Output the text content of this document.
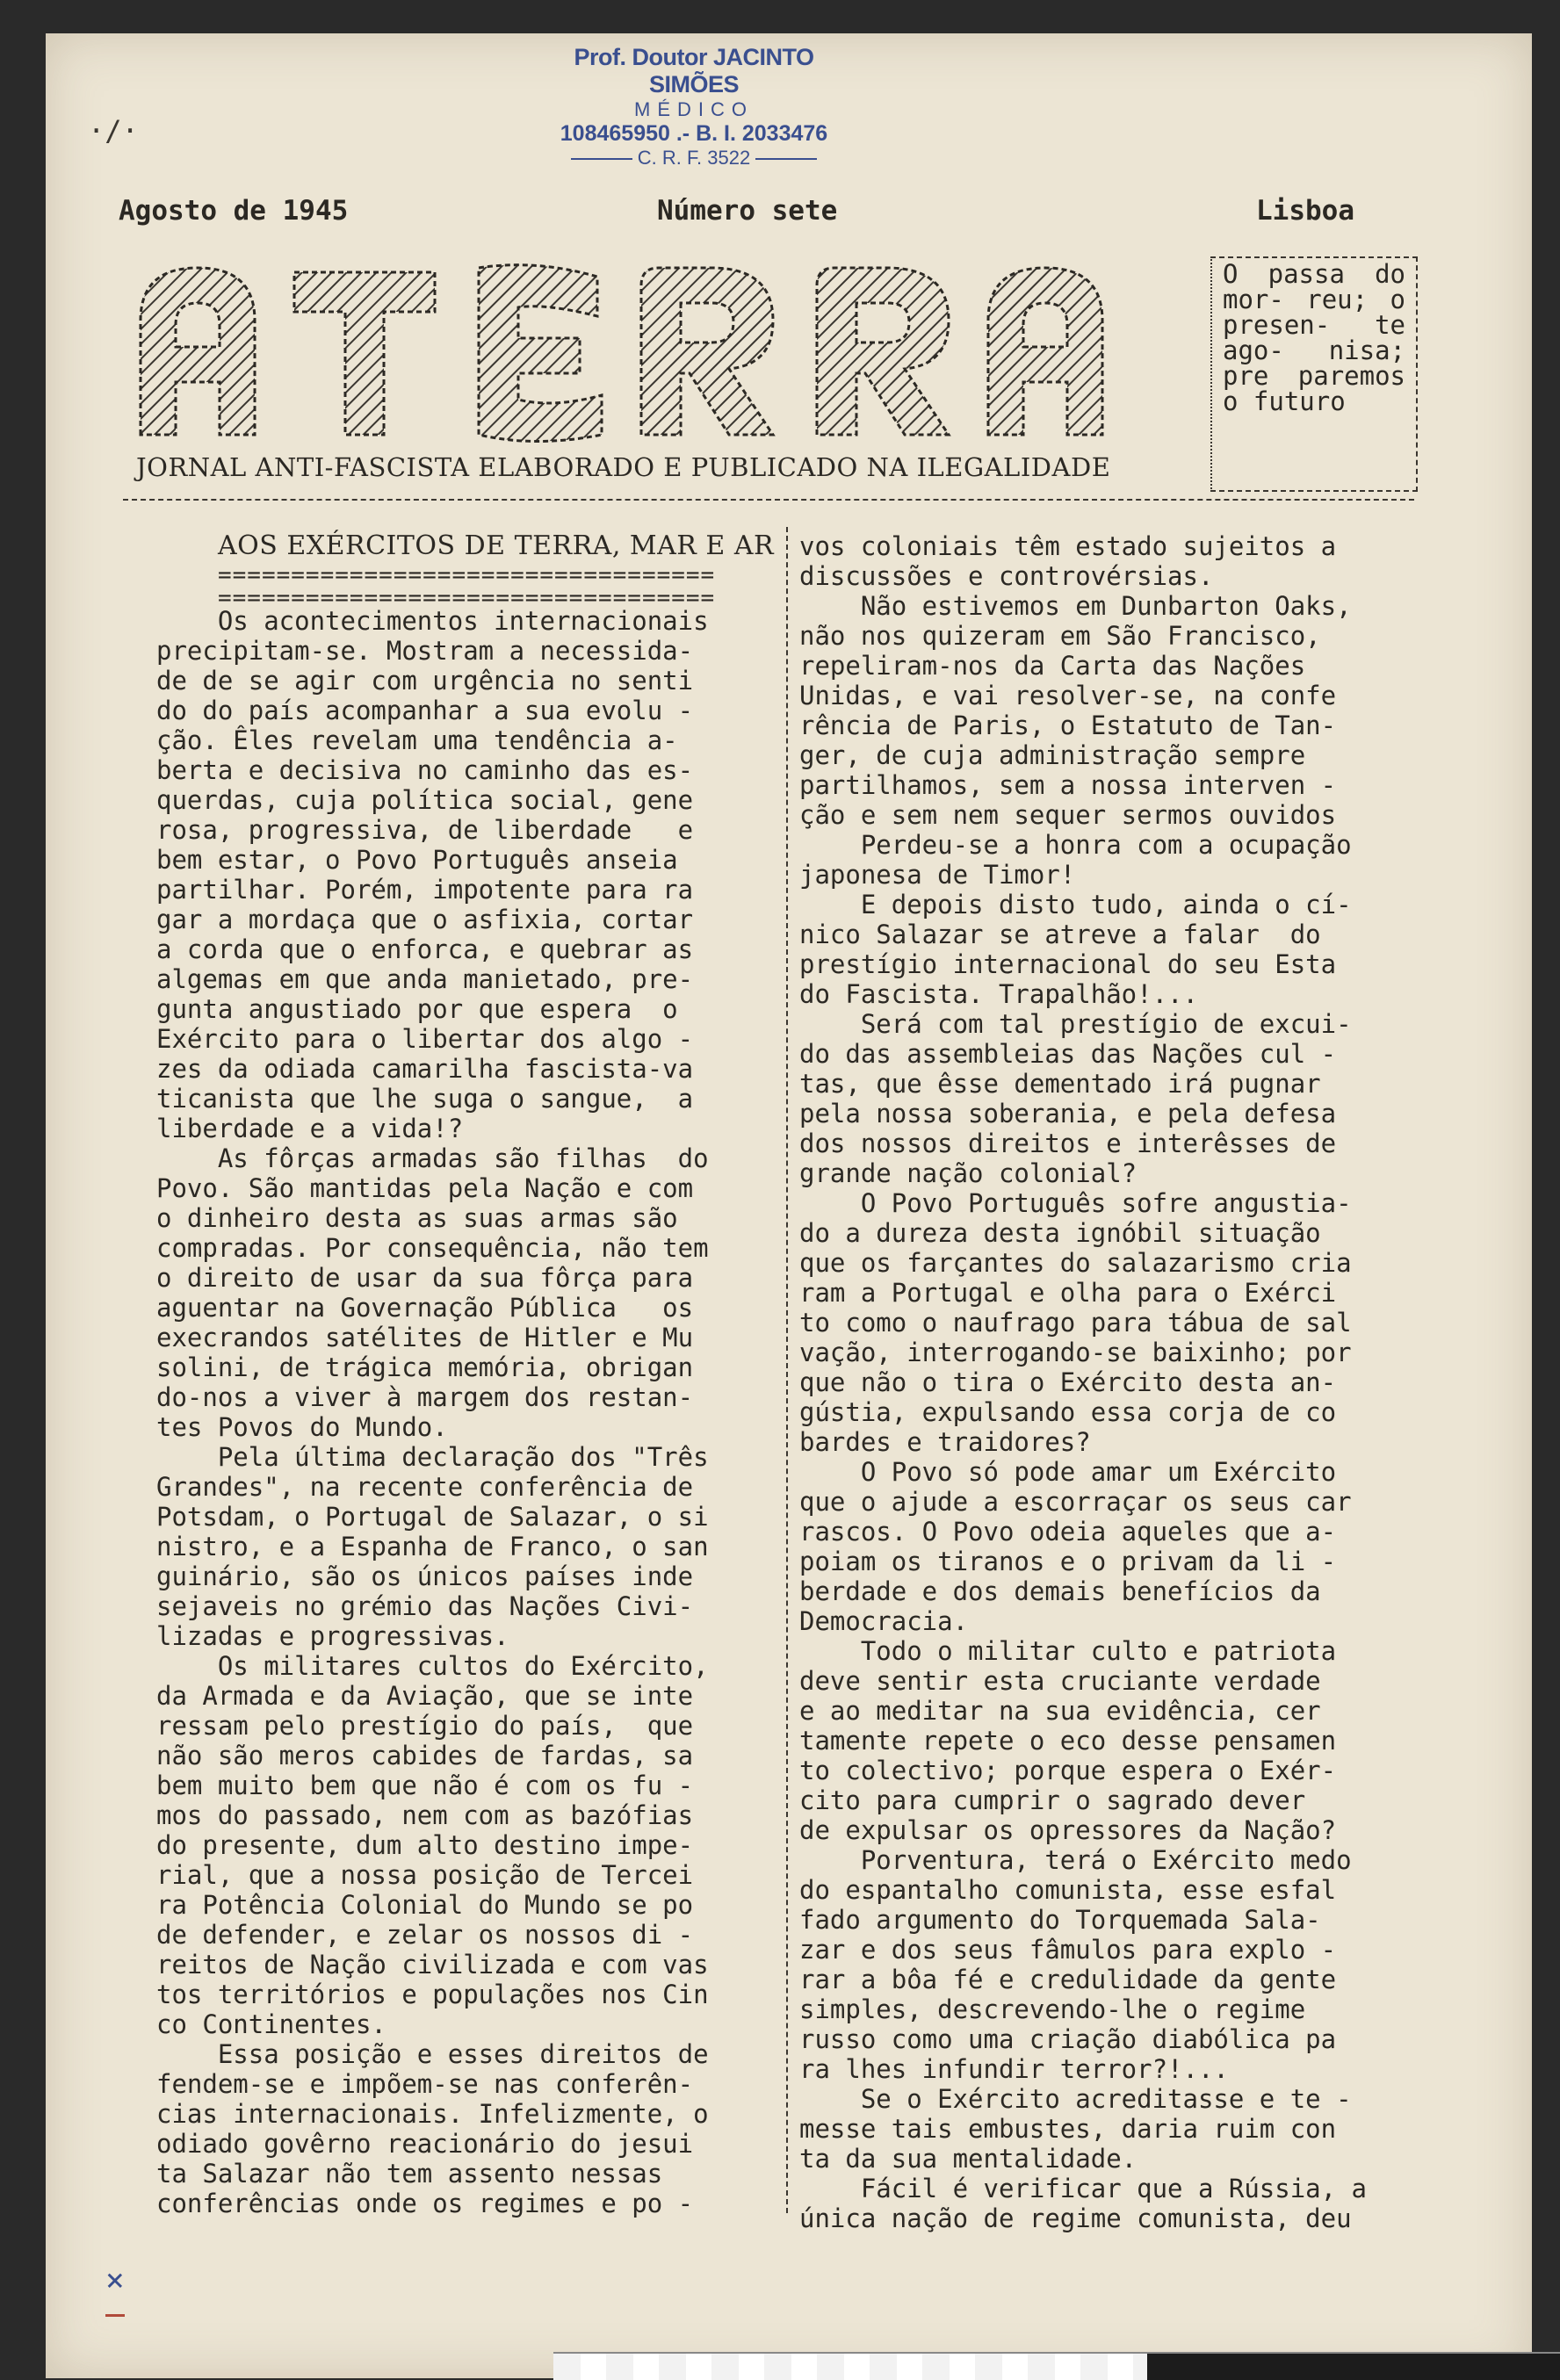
·/·
Prof. Doutor JACINTO SIMÕES
MÉDICO
108465950 .- B. I. 2033476
C. R. F. 3522
Agosto de 1945	Número sete	Lisboa
JORNAL ANTI-FASCISTA ELABORADO E PUBLICADO NA ILEGALIDADE
O passa do mor- reu; o presen- te ago- nisa; pre paremos o futuro
AOS EXÉRCITOS DE TERRA, MAR E AR
==================================
==================================
Os acontecimentos internacionais
precipitam-se. Mostram a necessida-
de de se agir com urgência no senti
do do país acompanhar a sua evolu -
ção. Êles revelam uma tendência a-
berta e decisiva no caminho das es-
querdas, cuja política social, gene
rosa, progressiva, de liberdade   e
bem estar, o Povo Português anseia
partilhar. Porém, impotente para ra
gar a mordaça que o asfixia, cortar
a corda que o enforca, e quebrar as
algemas em que anda manietado, pre-
gunta angustiado por que espera  o
Exército para o libertar dos algo -
zes da odiada camarilha fascista-va
ticanista que lhe suga o sangue,  a
liberdade e a vida!?
As fôrças armadas são filhas  do
Povo. São mantidas pela Nação e com
o dinheiro desta as suas armas são
compradas. Por consequência, não tem
o direito de usar da sua fôrça para
aguentar na Governação Pública   os
execrandos satélites de Hitler e Mu
solini, de trágica memória, obrigan
do-nos a viver à margem dos restan-
tes Povos do Mundo.
Pela última declaração dos "Três
Grandes", na recente conferência de
Potsdam, o Portugal de Salazar, o si
nistro, e a Espanha de Franco, o san
guinário, são os únicos países inde
sejaveis no grémio das Nações Civi-
lizadas e progressivas.
Os militares cultos do Exército,
da Armada e da Aviação, que se inte
ressam pelo prestígio do país,  que
não são meros cabides de fardas, sa
bem muito bem que não é com os fu -
mos do passado, nem com as bazófias
do presente, dum alto destino impe-
rial, que a nossa posição de Tercei
ra Potência Colonial do Mundo se po
de defender, e zelar os nossos di -
reitos de Nação civilizada e com vas
tos territórios e populações nos Cin
co Continentes.
Essa posição e esses direitos de
fendem-se e impõem-se nas conferên-
cias internacionais. Infelizmente, o
odiado govêrno reacionário do jesui
ta Salazar não tem assento nessas
conferências onde os regimes e po -
vos coloniais têm estado sujeitos a
discussões e controvérsias.
Não estivemos em Dunbarton Oaks,
não nos quizeram em São Francisco,
repeliram-nos da Carta das Nações
Unidas, e vai resolver-se, na confe
rência de Paris, o Estatuto de Tan-
ger, de cuja administração sempre
partilhamos, sem a nossa interven -
ção e sem nem sequer sermos ouvidos
Perdeu-se a honra com a ocupação
japonesa de Timor!
E depois disto tudo, ainda o cí-
nico Salazar se atreve a falar  do
prestígio internacional do seu Esta
do Fascista. Trapalhão!...
Será com tal prestígio de excui-
do das assembleias das Nações cul -
tas, que êsse dementado irá pugnar
pela nossa soberania, e pela defesa
dos nossos direitos e interêsses de
grande nação colonial?
O Povo Português sofre angustia-
do a dureza desta ignóbil situação
que os farçantes do salazarismo cria
ram a Portugal e olha para o Exérci
to como o naufrago para tábua de sal
vação, interrogando-se baixinho; por
que não o tira o Exército desta an-
gústia, expulsando essa corja de co
bardes e traidores?
O Povo só pode amar um Exército
que o ajude a escorraçar os seus car
rascos. O Povo odeia aqueles que a-
poiam os tiranos e o privam da li -
berdade e dos demais benefícios da
Democracia.
Todo o militar culto e patriota
deve sentir esta cruciante verdade
e ao meditar na sua evidência, cer
tamente repete o eco desse pensamen
to colectivo; porque espera o Exér-
cito para cumprir o sagrado dever
de expulsar os opressores da Nação?
Porventura, terá o Exército medo
do espantalho comunista, esse esfal
fado argumento do Torquemada Sala-
zar e dos seus fâmulos para explo -
rar a bôa fé e credulidade da gente
simples, descrevendo-lhe o regime
russo como uma criação diabólica pa
ra lhes infundir terror?!...
Se o Exército acreditasse e te -
messe tais embustes, daria ruim con
ta da sua mentalidade.
Fácil é verificar que a Rússia, a
única nação de regime comunista, deu
×
